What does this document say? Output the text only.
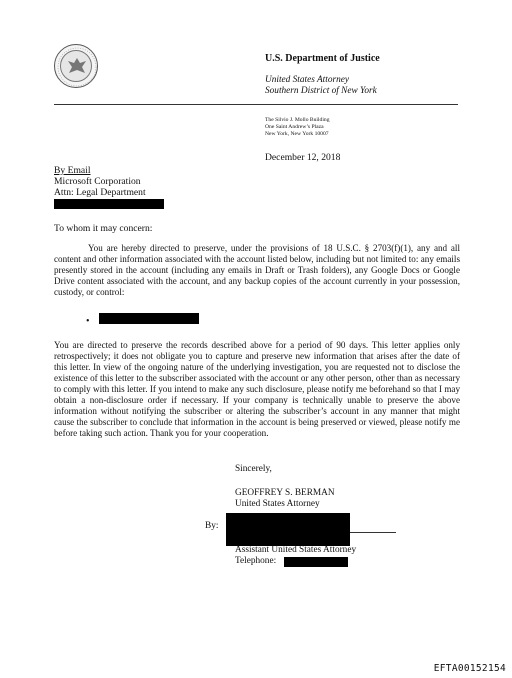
U.S. Department of Justice
United States Attorney
Southern District of New York
The Silvio J. Mollo Building
One Saint Andrew’s Plaza
New York, New York 10007
December 12, 2018
By Email
Microsoft Corporation
Attn: Legal Department
To whom it may concern:

You are hereby directed to preserve, under the provisions of 18 U.S.C. § 2703(f)(1), any and all content and other information associated with the account listed below, including but not limited to: any emails presently stored in the account (including any emails in Draft or Trash folders), any Google Docs or Google Drive content associated with the account, and any backup copies of the account currently in your possession, custody, or control:

•

You are directed to preserve the records described above for a period of 90 days. This letter applies only retrospectively; it does not obligate you to capture and preserve new information that arises after the date of this letter. In view of the ongoing nature of the underlying investigation, you are requested not to disclose the existence of this letter to the subscriber associated with the account or any other person, other than as necessary to comply with this letter. If you intend to make any such disclosure, please notify me beforehand so that I may obtain a non-disclosure order if necessary. If your company is technically unable to preserve the above information without notifying the subscriber or altering the subscriber’s account in any manner that might cause the subscriber to conclude that information in the account is being preserved or viewed, please notify me before taking such action. Thank you for your cooperation.

Sincerely,
GEOFFREY S. BERMAN
United States Attorney
By:
Assistant United States Attorney
Telephone:
EFTA00152154
